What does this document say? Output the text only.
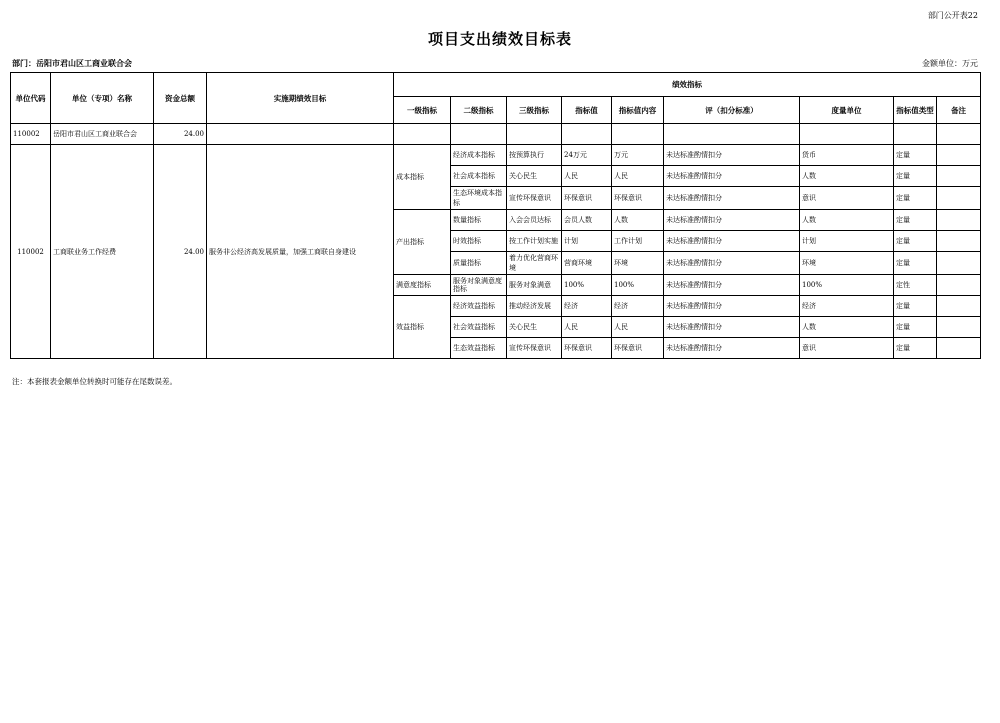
部门公开表22
项目支出绩效目标表
部门：岳阳市君山区工商业联合会	金额单位：万元
单位代码	单位（专项）名称	资金总额	实施期绩效目标	绩效指标								
				一级指标	二级指标	三级指标	指标值	指标值内容	评（扣分标准）	度量单位	指标值类型	备注
110002	岳阳市君山区工商业联合会	24.00										
110002	工商联业务工作经费	24.00	服务非公经济高发展质量，加强工商联自身建设	成本指标	经济成本指标	按预算执行	24万元	万元	未达标准酌情扣分	货币	定量	
					社会成本指标	关心民生	人民	人民	未达标准酌情扣分	人数	定量	
					生态环境成本指标	宣传环保意识	环保意识	环保意识	未达标准酌情扣分	意识	定量	
				产出指标	数量指标	入会会员达标	会员人数	人数	未达标准酌情扣分	人数	定量	
					时效指标	按工作计划实施	计划	工作计划	未达标准酌情扣分	计划	定量	
					质量指标	着力优化营商环境	营商环境	环境	未达标准酌情扣分	环境	定量	
				满意度指标	服务对象满意度指标	服务对象满意	100%	100%	未达标准酌情扣分	100%	定性	
				效益指标	经济效益指标	推动经济发展	经济	经济	未达标准酌情扣分	经济	定量	
					社会效益指标	关心民生	人民	人民	未达标准酌情扣分	人数	定量	
					生态效益指标	宣传环保意识	环保意识	环保意识	未达标准酌情扣分	意识	定量	
注：本套报表金额单位转换时可能存在尾数误差。
